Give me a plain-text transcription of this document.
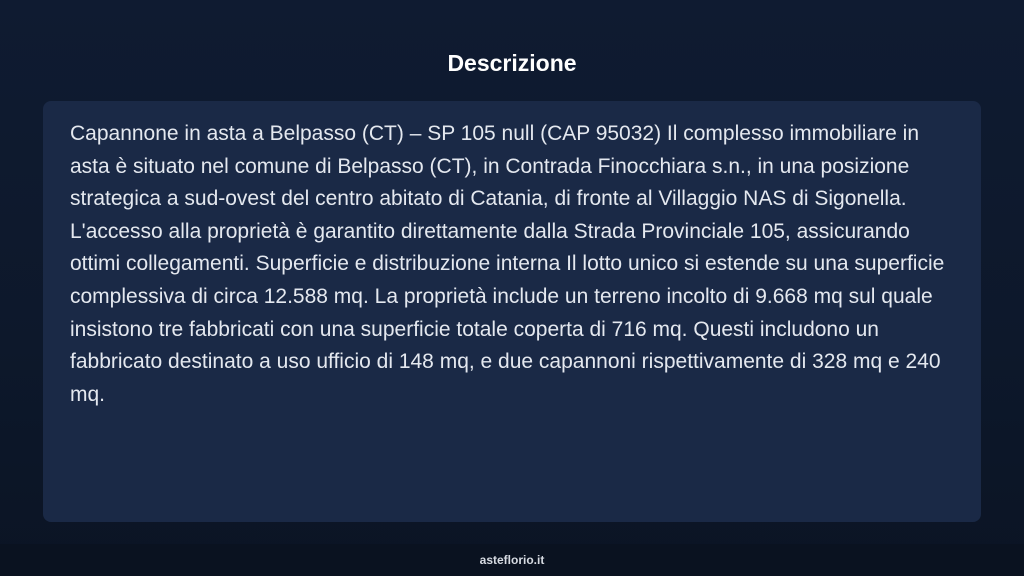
Descrizione

Capannone in asta a Belpasso (CT) – SP 105 null (CAP 95032) Il complesso immobiliare in asta è situato nel comune di Belpasso (CT), in Contrada Finocchiara s.n., in una posizione strategica a sud-ovest del centro abitato di Catania, di fronte al Villaggio NAS di Sigonella. L'accesso alla proprietà è garantito direttamente dalla Strada Provinciale 105, assicurando ottimi collegamenti. Superficie e distribuzione interna Il lotto unico si estende su una superficie complessiva di circa 12.588 mq. La proprietà include un terreno incolto di 9.668 mq sul quale insistono tre fabbricati con una superficie totale coperta di 716 mq. Questi includono un fabbricato destinato a uso ufficio di 148 mq, e due capannoni rispettivamente di 328 mq e 240 mq.

asteflorio.it
